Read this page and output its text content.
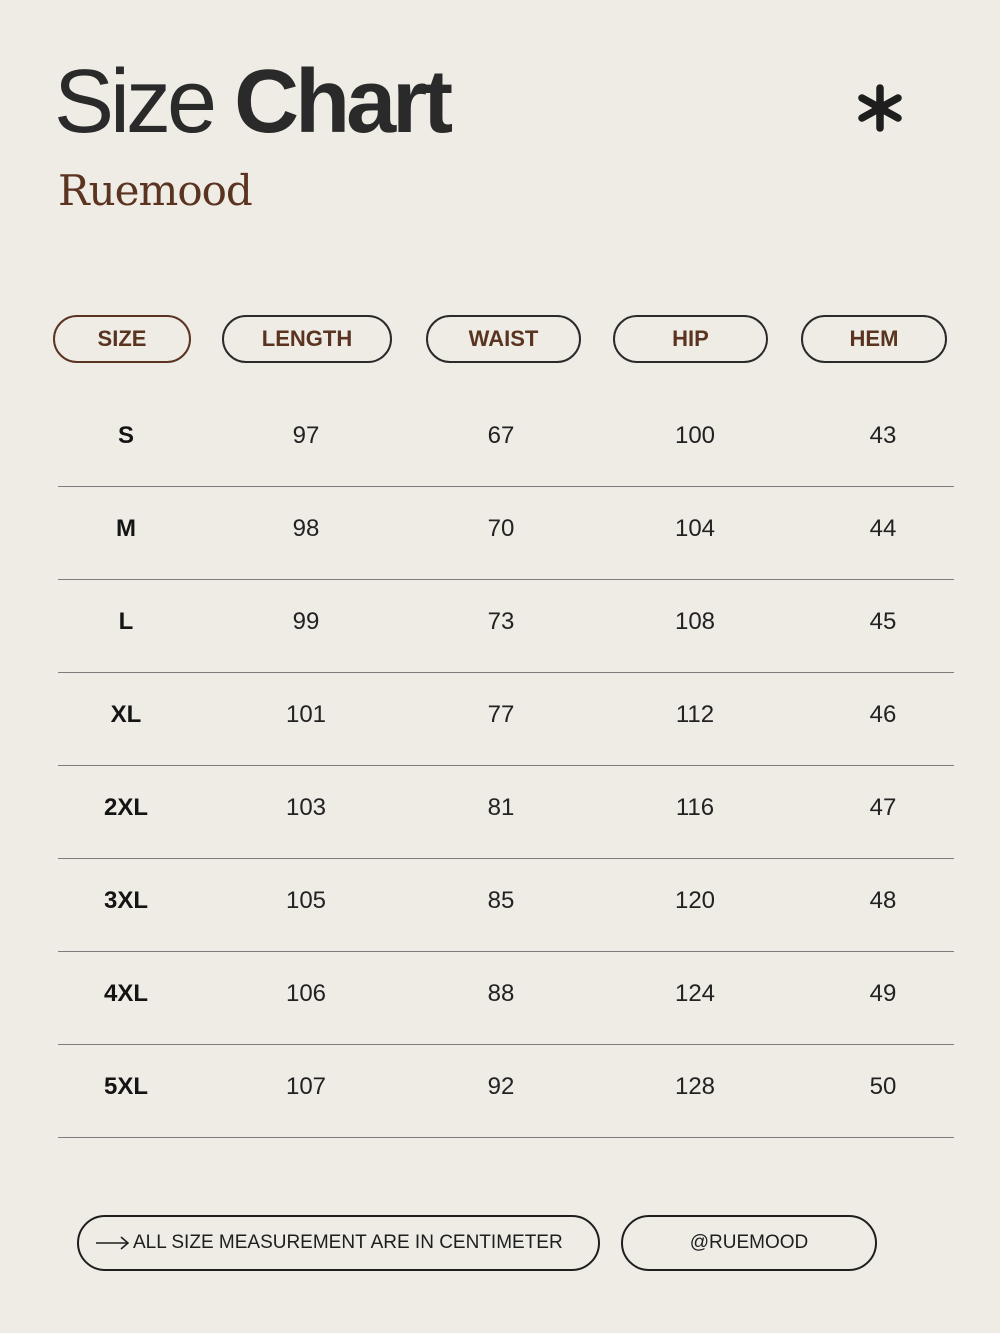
Size Chart
Ruemood
SIZE	LENGTH	WAIST	HIP	HEM
S	97	67	100	43
M	98	70	104	44
L	99	73	108	45
XL	101	77	112	46
2XL	103	81	116	47
3XL	105	85	120	48
4XL	106	88	124	49
5XL	107	92	128	50
ALL SIZE MEASUREMENT ARE IN CENTIMETER	@RUEMOOD
